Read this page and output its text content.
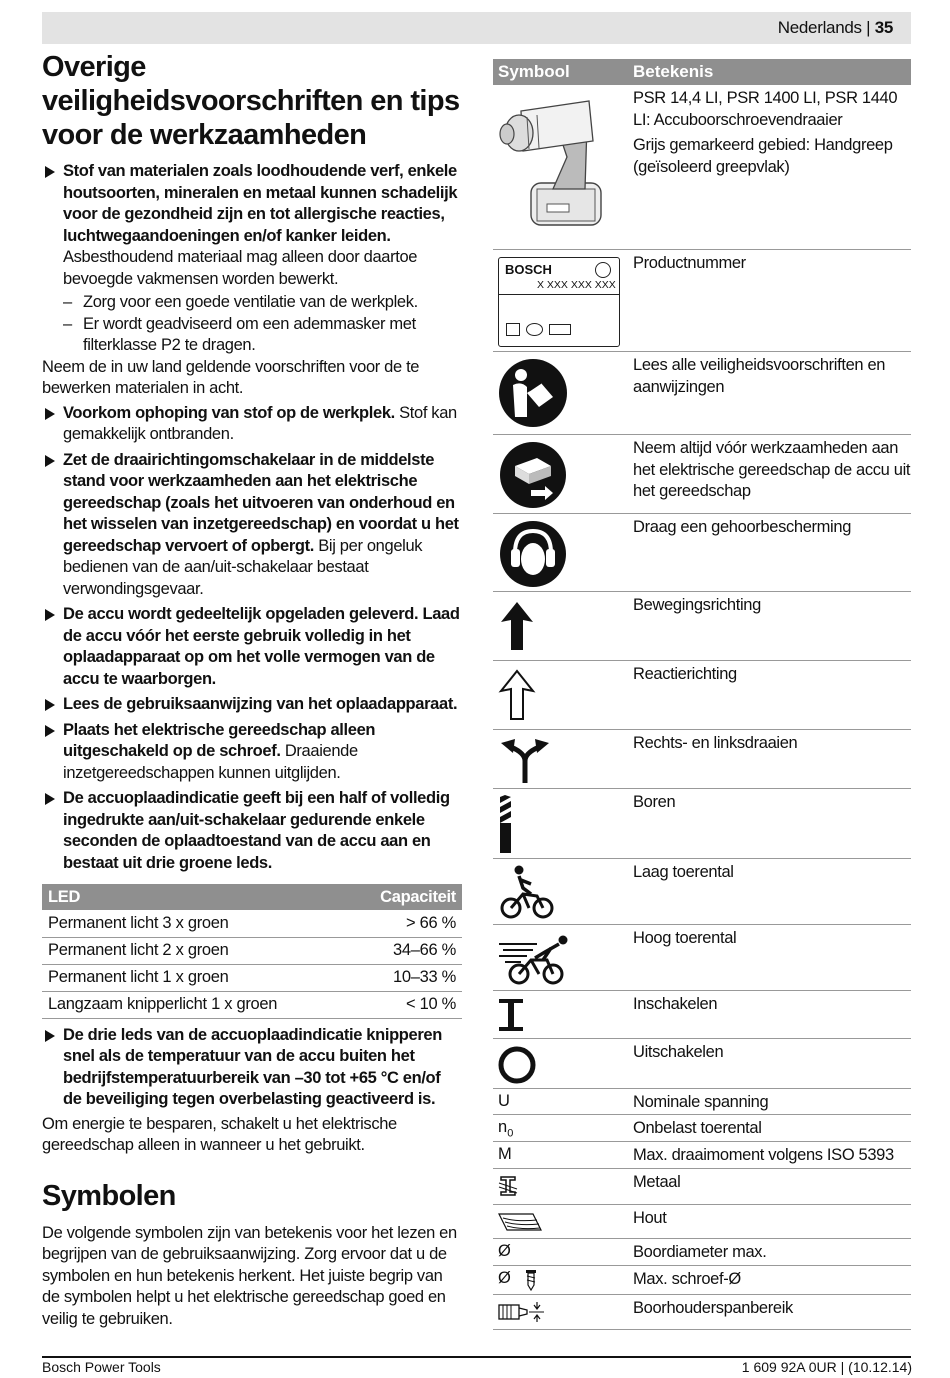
Nederlands | 35
Overige veiligheidsvoorschriften en tips voor de werkzaamheden
Stof van materialen zoals loodhoudende verf, enkele houtsoorten, mineralen en metaal kunnen schadelijk voor de gezondheid zijn en tot allergische reacties, luchtwegaandoeningen en/of kanker leiden. Asbesthoudend materiaal mag alleen door daartoe bevoegde vakmensen worden bewerkt.
– Zorg voor een goede ventilatie van de werkplek.
– Er wordt geadviseerd om een ademmasker met filterklasse P2 te dragen.
Neem de in uw land geldende voorschriften voor de te bewerken materialen in acht.
Voorkom ophoping van stof op de werkplek. Stof kan gemakkelijk ontbranden.
Zet de draairichtingomschakelaar in de middelste stand voor werkzaamheden aan het elektrische gereedschap (zoals het uitvoeren van onderhoud en het wisselen van inzetgereedschap) en voordat u het gereedschap vervoert of opbergt. Bij per ongeluk bedienen van de aan/uit-schakelaar bestaat verwondingsgevaar.
De accu wordt gedeeltelijk opgeladen geleverd. Laad de accu vóór het eerste gebruik volledig in het oplaadapparaat op om het volle vermogen van de accu te waarborgen.
Lees de gebruiksaanwijzing van het oplaadapparaat.
Plaats het elektrische gereedschap alleen uitgeschakeld op de schroef. Draaiende inzetgereedschappen kunnen uitglijden.
De accuoplaadindicatie geeft bij een half of volledig ingedrukte aan/uit-schakelaar gedurende enkele seconden de oplaadtoestand van de accu aan en bestaat uit drie groene leds.
LED	Capaciteit
Permanent licht 3 x groen	> 66 %
Permanent licht 2 x groen	34–66 %
Permanent licht 1 x groen	10–33 %
Langzaam knipperlicht 1 x groen	< 10 %
De drie leds van de accuoplaadindicatie knipperen snel als de temperatuur van de accu buiten het bedrijfstemperatuurbereik van –30 tot +65 °C en/of de beveiliging tegen overbelasting geactiveerd is.
Om energie te besparen, schakelt u het elektrische gereedschap alleen in wanneer u het gebruikt.
Symbolen
De volgende symbolen zijn van betekenis voor het lezen en begrijpen van de gebruiksaanwijzing. Zorg ervoor dat u de symbolen en hun betekenis herkent. Het juiste begrip van de symbolen helpt u het elektrische gereedschap goed en veilig te gebruiken.
Symbool	Betekenis
PSR 14,4 LI, PSR 1400 LI, PSR 1440 LI: Accuboorschroevendraaier
Grijs gemarkeerd gebied: Handgreep (geïsoleerd greepvlak)
BOSCH
X XXX XXX XXX
Productnummer
Lees alle veiligheidsvoorschriften en aanwijzingen
Neem altijd vóór werkzaamheden aan het elektrische gereedschap de accu uit het gereedschap
Draag een gehoorbescherming
Bewegingsrichting
Reactierichting
Rechts- en linksdraaien
Boren
Laag toerental
Hoog toerental
Inschakelen
Uitschakelen
U	Nominale spanning
$n_0$	Onbelast toerental
M	Max. draaimoment volgens ISO 5393
Metaal
Hout
Ø	Boordiameter max.
Ø	Max. schroef-Ø
Boorhouderspanbereik
Bosch Power Tools	1 609 92A 0UR | (10.12.14)
